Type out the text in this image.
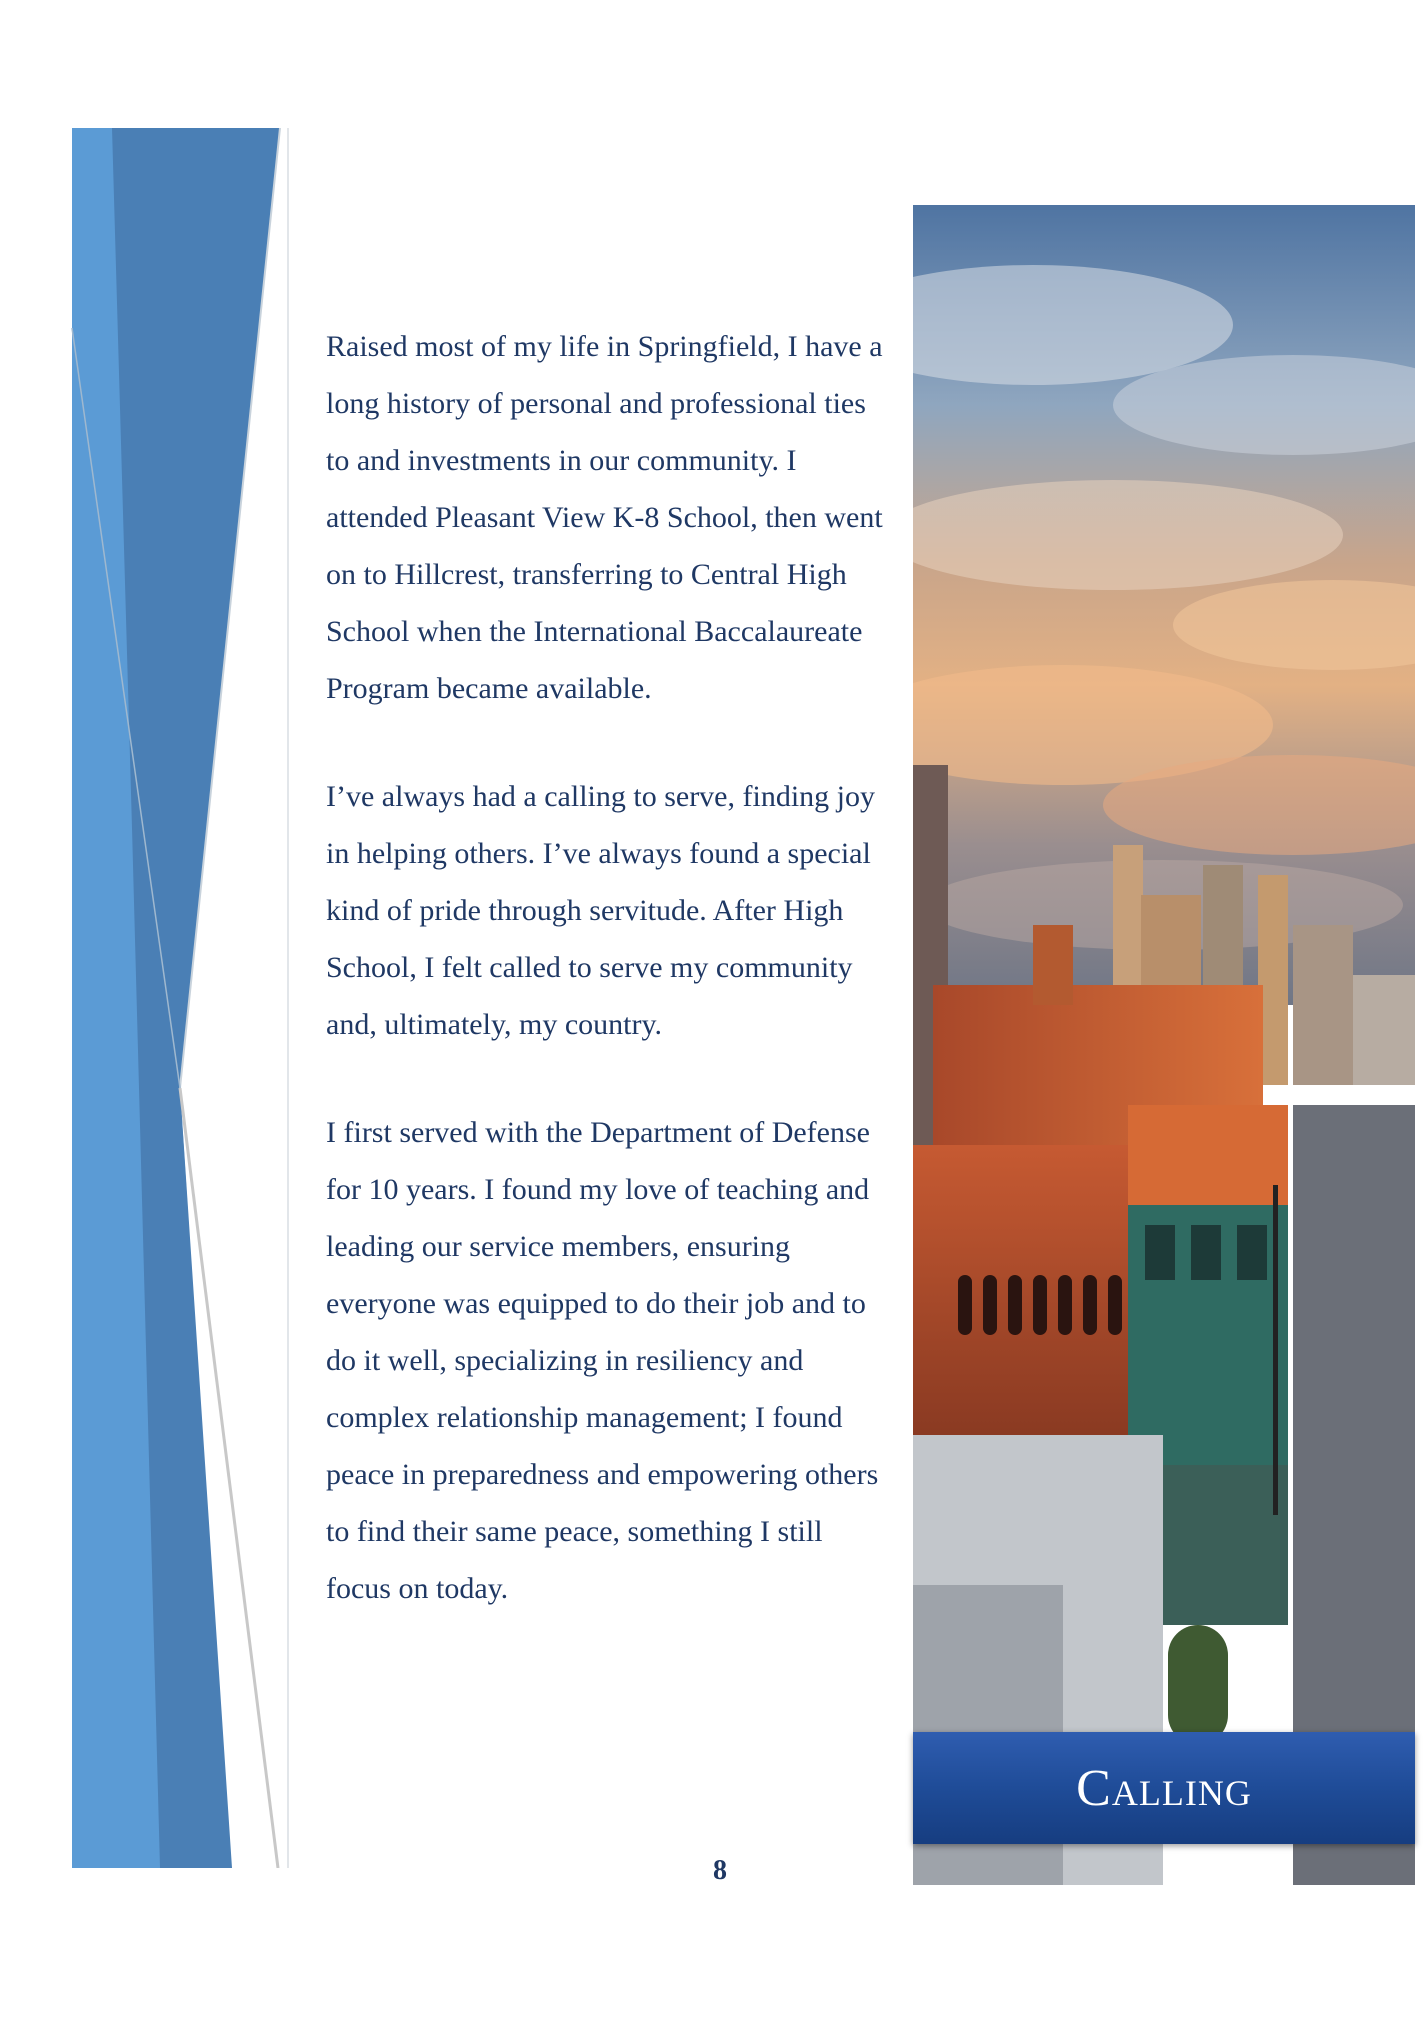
Raised most of my life in Springfield, I have a long history of personal and professional ties to and investments in our community. I attended Pleasant View K-8 School, then went on to Hillcrest, transferring to Central High School when the International Baccalaureate Program became available.

I’ve always had a calling to serve, finding joy in helping others. I’ve always found a special kind of pride through servitude. After High School, I felt called to serve my community and, ultimately, my country.

I first served with the Department of Defense for 10 years. I found my love of teaching and leading our service members, ensuring everyone was equipped to do their job and to do it well, specializing in resiliency and complex relationship management; I found peace in preparedness and empowering others to find their same peace, something I still focus on today.

Calling
8
